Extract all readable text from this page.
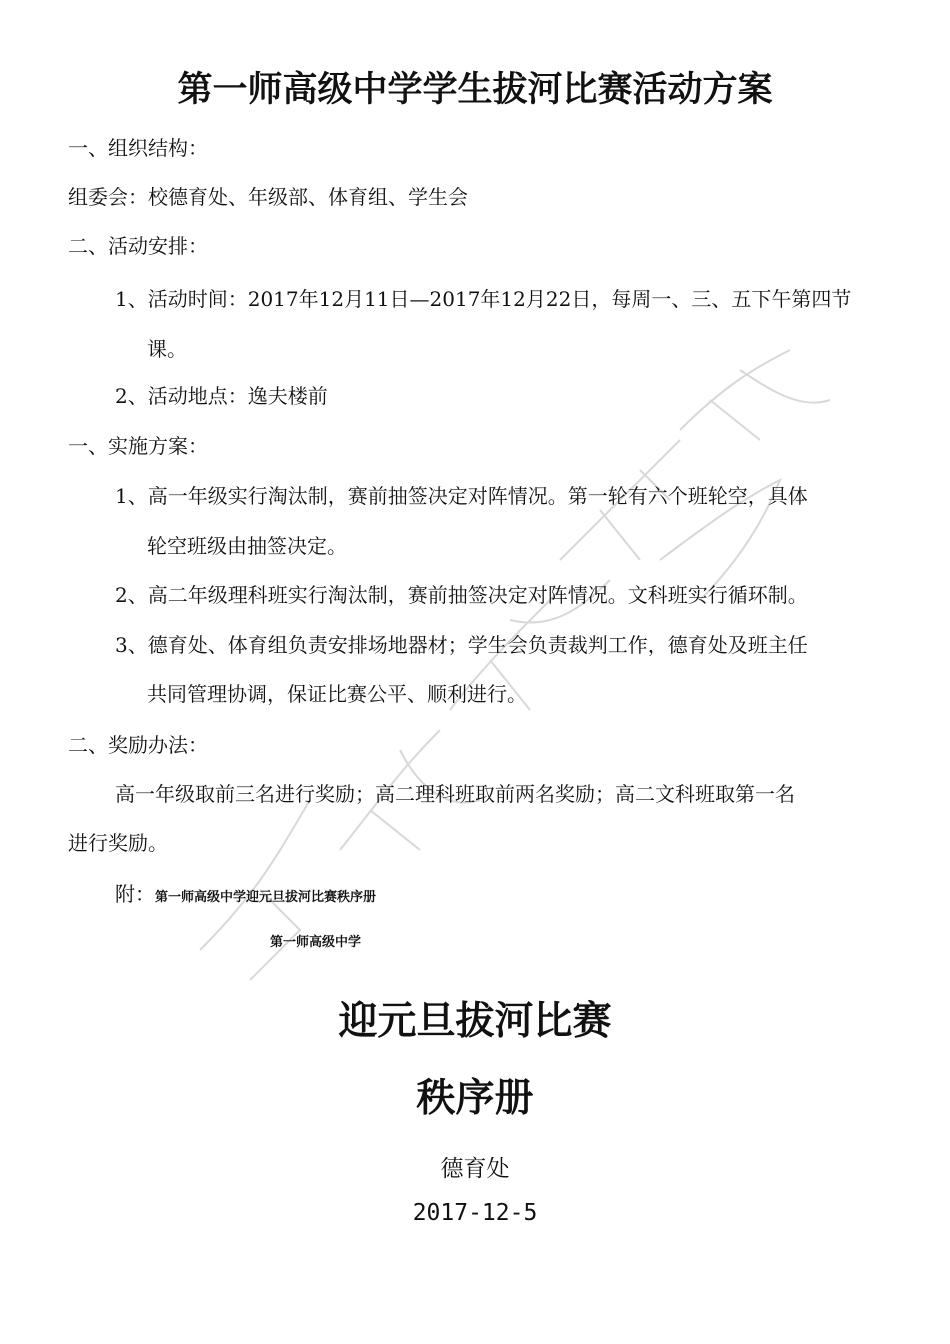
第一师高级中学学生拔河比赛活动方案
一、组织结构：
组委会：校德育处、年级部、体育组、学生会
二、活动安排：
1、活动时间：2017年12月11日—2017年12月22日，每周一、三、五下午第四节
课。
2、活动地点：逸夫楼前
一、实施方案：
1、高一年级实行淘汰制，赛前抽签决定对阵情况。第一轮有六个班轮空，具体
轮空班级由抽签决定。
2、高二年级理科班实行淘汰制，赛前抽签决定对阵情况。文科班实行循环制。
3、德育处、体育组负责安排场地器材；学生会负责裁判工作，德育处及班主任
共同管理协调，保证比赛公平、顺利进行。
二、奖励办法：
高一年级取前三名进行奖励；高二理科班取前两名奖励；高二文科班取第一名
进行奖励。
附：第一师高级中学迎元旦拔河比赛秩序册
第一师高级中学
迎元旦拔河比赛
秩序册
德育处
2017-12-5
